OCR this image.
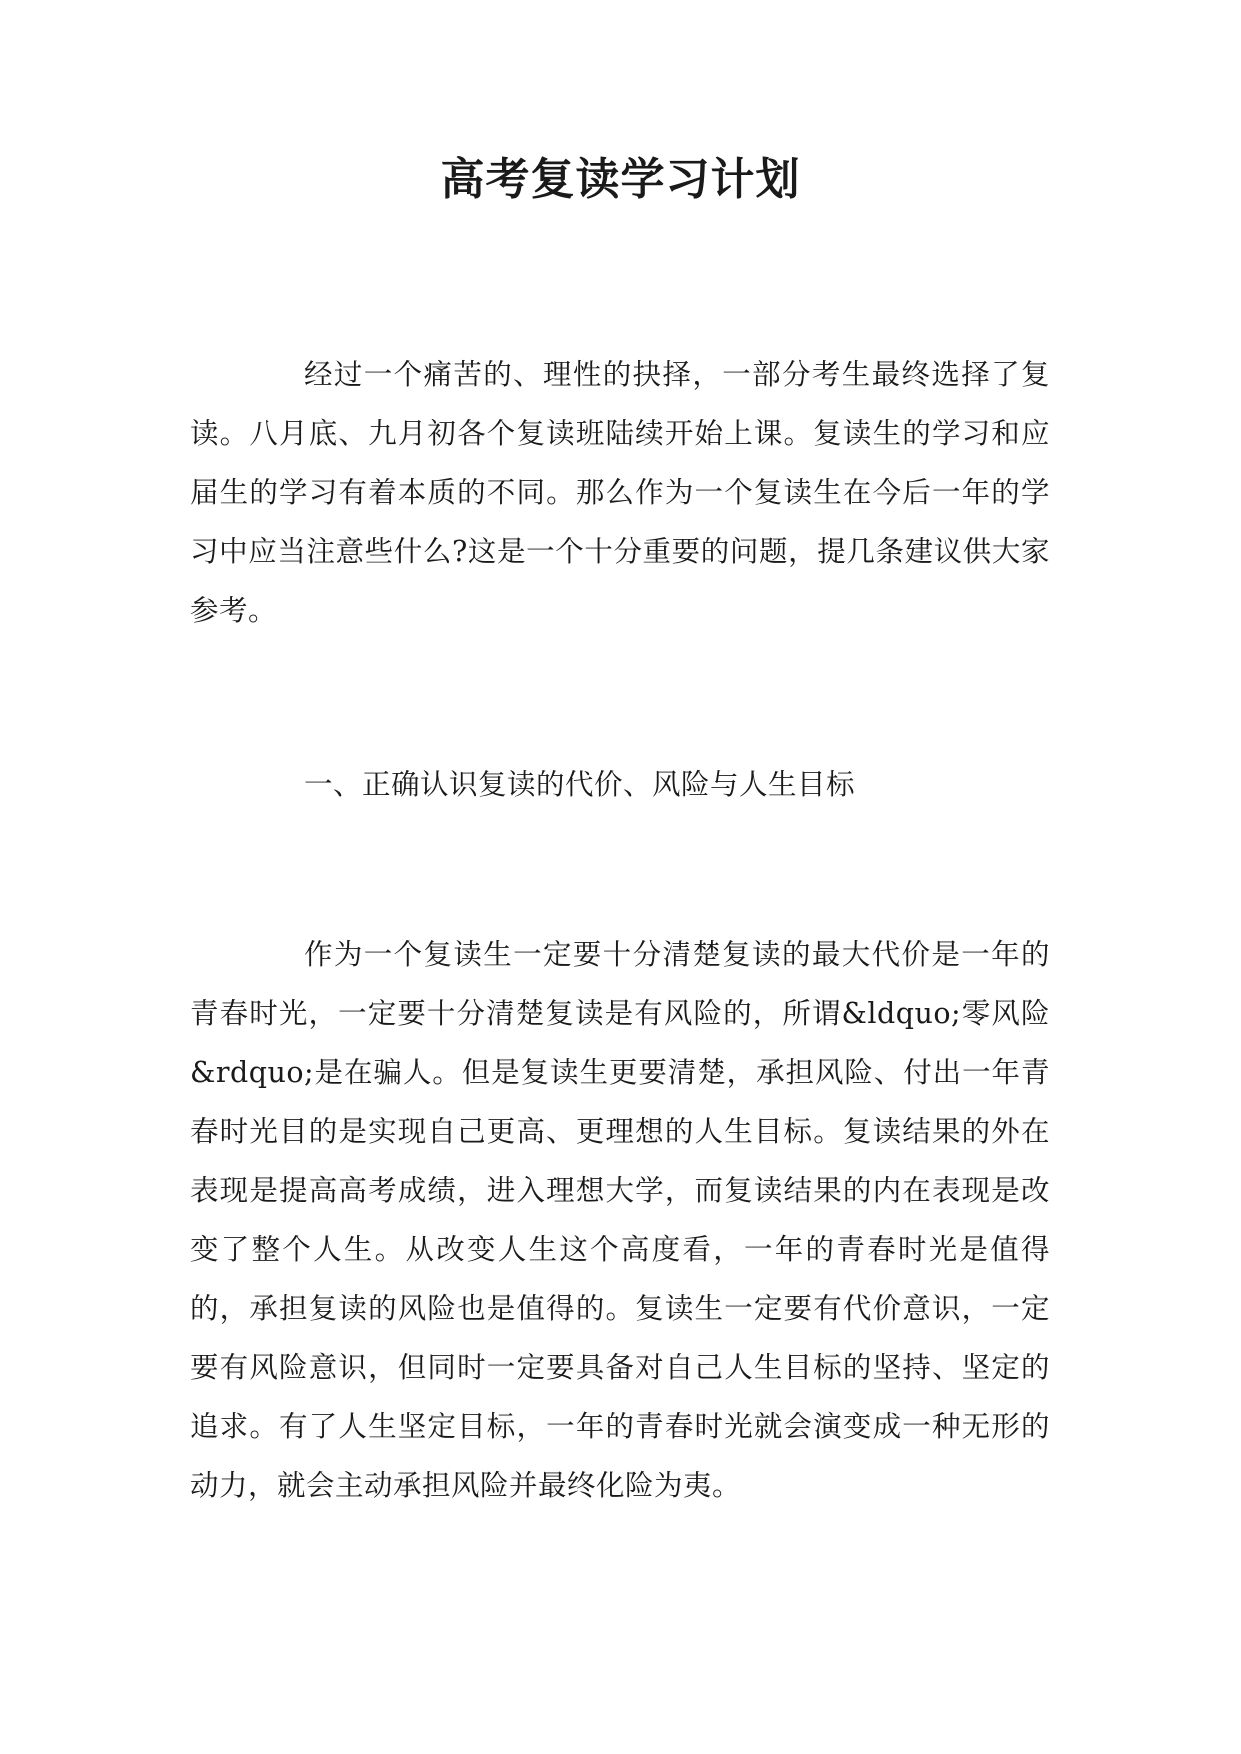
高考复读学习计划

经过一个痛苦的、理性的抉择，一部分考生最终选择了复读。八月底、九月初各个复读班陆续开始上课。复读生的学习和应届生的学习有着本质的不同。那么作为一个复读生在今后一年的学习中应当注意些什么?这是一个十分重要的问题，提几条建议供大家参考。

一、正确认识复读的代价、风险与人生目标

作为一个复读生一定要十分清楚复读的最大代价是一年的青春时光，一定要十分清楚复读是有风险的，所谓&ldquo;零风险&rdquo;是在骗人。但是复读生更要清楚，承担风险、付出一年青春时光目的是实现自己更高、更理想的人生目标。复读结果的外在表现是提高高考成绩，进入理想大学，而复读结果的内在表现是改变了整个人生。从改变人生这个高度看，一年的青春时光是值得的，承担复读的风险也是值得的。复读生一定要有代价意识，一定要有风险意识，但同时一定要具备对自己人生目标的坚持、坚定的追求。有了人生坚定目标，一年的青春时光就会演变成一种无形的动力，就会主动承担风险并最终化险为夷。
